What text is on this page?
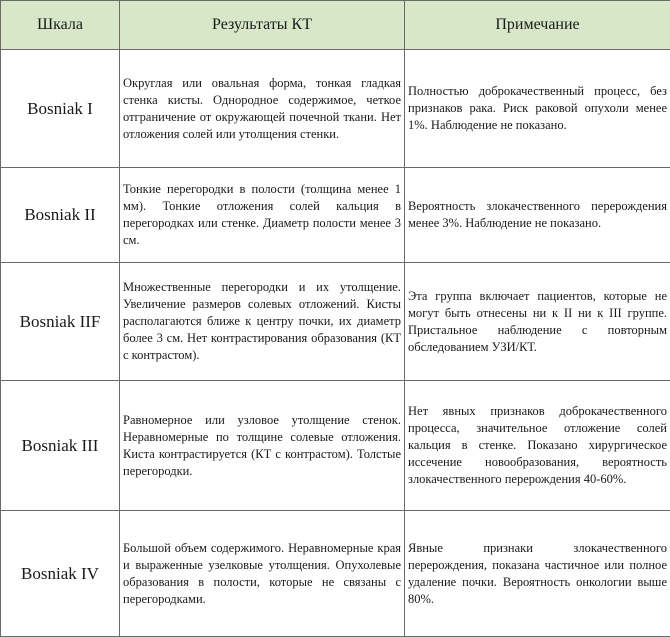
Шкала	Результаты КТ	Примечание
Bosniak I	Округлая или овальная форма, тонкая гладкая стенка кисты. Однородное содержимое, четкое отграничение от окружающей почечной ткани. Нет отложения солей или утолщения стенки.	Полностью доброкачественный процесс, без признаков рака. Риск раковой опухоли менее 1%. Наблюдение не показано.

Bosniak II	Тонкие перегородки в полости (толщина менее 1 мм). Тонкие отложения солей кальция в перегородках или стенке. Диаметр полости менее 3 см.	Вероятность злокачественного перерождения менее 3%. Наблюдение не показано.

Bosniak IIF	Множественные перегородки и их утолщение. Увеличение размеров солевых отложений. Кисты располагаются ближе к центру почки, их диаметр более 3 см. Нет контрастирования образования (КТ с контрастом).	Эта группа включает пациентов, которые не могут быть отнесены ни к II ни к III группе. Пристальное наблюдение с повторным обследованием УЗИ/КТ.

Bosniak III	Равномерное или узловое утолщение стенок. Неравномерные по толщине солевые отложения. Киста контрастируется (КТ с контрастом). Толстые перегородки.	Нет явных признаков доброкачественного процесса, значительное отложение солей кальция в стенке. Показано хирургическое иссечение новообразования, вероятность злокачественного перерождения 40-60%.

Bosniak IV	Большой объем содержимого. Неравномерные края и выраженные узелковые утолщения. Опухолевые образования в полости, которые не связаны с перегородками.	Явные признаки злокачественного перерождения, показана частичное или полное удаление почки. Вероятность онкологии выше 80%.
